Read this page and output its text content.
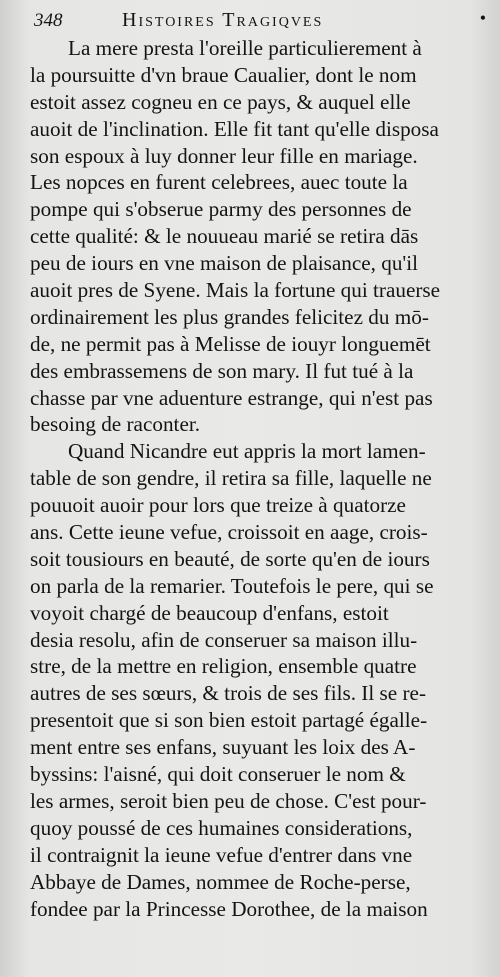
348	Histoires Tragiqves	•
La mere presta l'oreille particulierement à
la poursuitte d'vn braue Caualier, dont le nom
estoit assez cogneu en ce pays, & auquel elle
auoit de l'inclination. Elle fit tant qu'elle disposa
son espoux à luy donner leur fille en mariage.
Les nopces en furent celebrees, auec toute la
pompe qui s'obserue parmy des personnes de
cette qualité: & le nouueau marié se retira dās
peu de iours en vne maison de plaisance, qu'il
auoit pres de Syene. Mais la fortune qui trauerse
ordinairement les plus grandes felicitez du mō-
de, ne permit pas à Melisse de iouyr longuemēt
des embrassemens de son mary. Il fut tué à la
chasse par vne aduenture estrange, qui n'est pas
besoing de raconter.
Quand Nicandre eut appris la mort lamen-
table de son gendre, il retira sa fille, laquelle ne
pouuoit auoir pour lors que treize à quatorze
ans. Cette ieune vefue, croissoit en aage, crois-
soit tousiours en beauté, de sorte qu'en de iours
on parla de la remarier. Toutefois le pere, qui se
voyoit chargé de beaucoup d'enfans, estoit
desia resolu, afin de conseruer sa maison illu-
stre, de la mettre en religion, ensemble quatre
autres de ses sœurs, & trois de ses fils. Il se re-
presentoit que si son bien estoit partagé égalle-
ment entre ses enfans, suyuant les loix des A-
byssins: l'aisné, qui doit conseruer le nom &
les armes, seroit bien peu de chose. C'est pour-
quoy poussé de ces humaines considerations,
il contraignit la ieune vefue d'entrer dans vne
Abbaye de Dames, nommee de Roche-perse,
fondee par la Princesse Dorothee, de la maison
